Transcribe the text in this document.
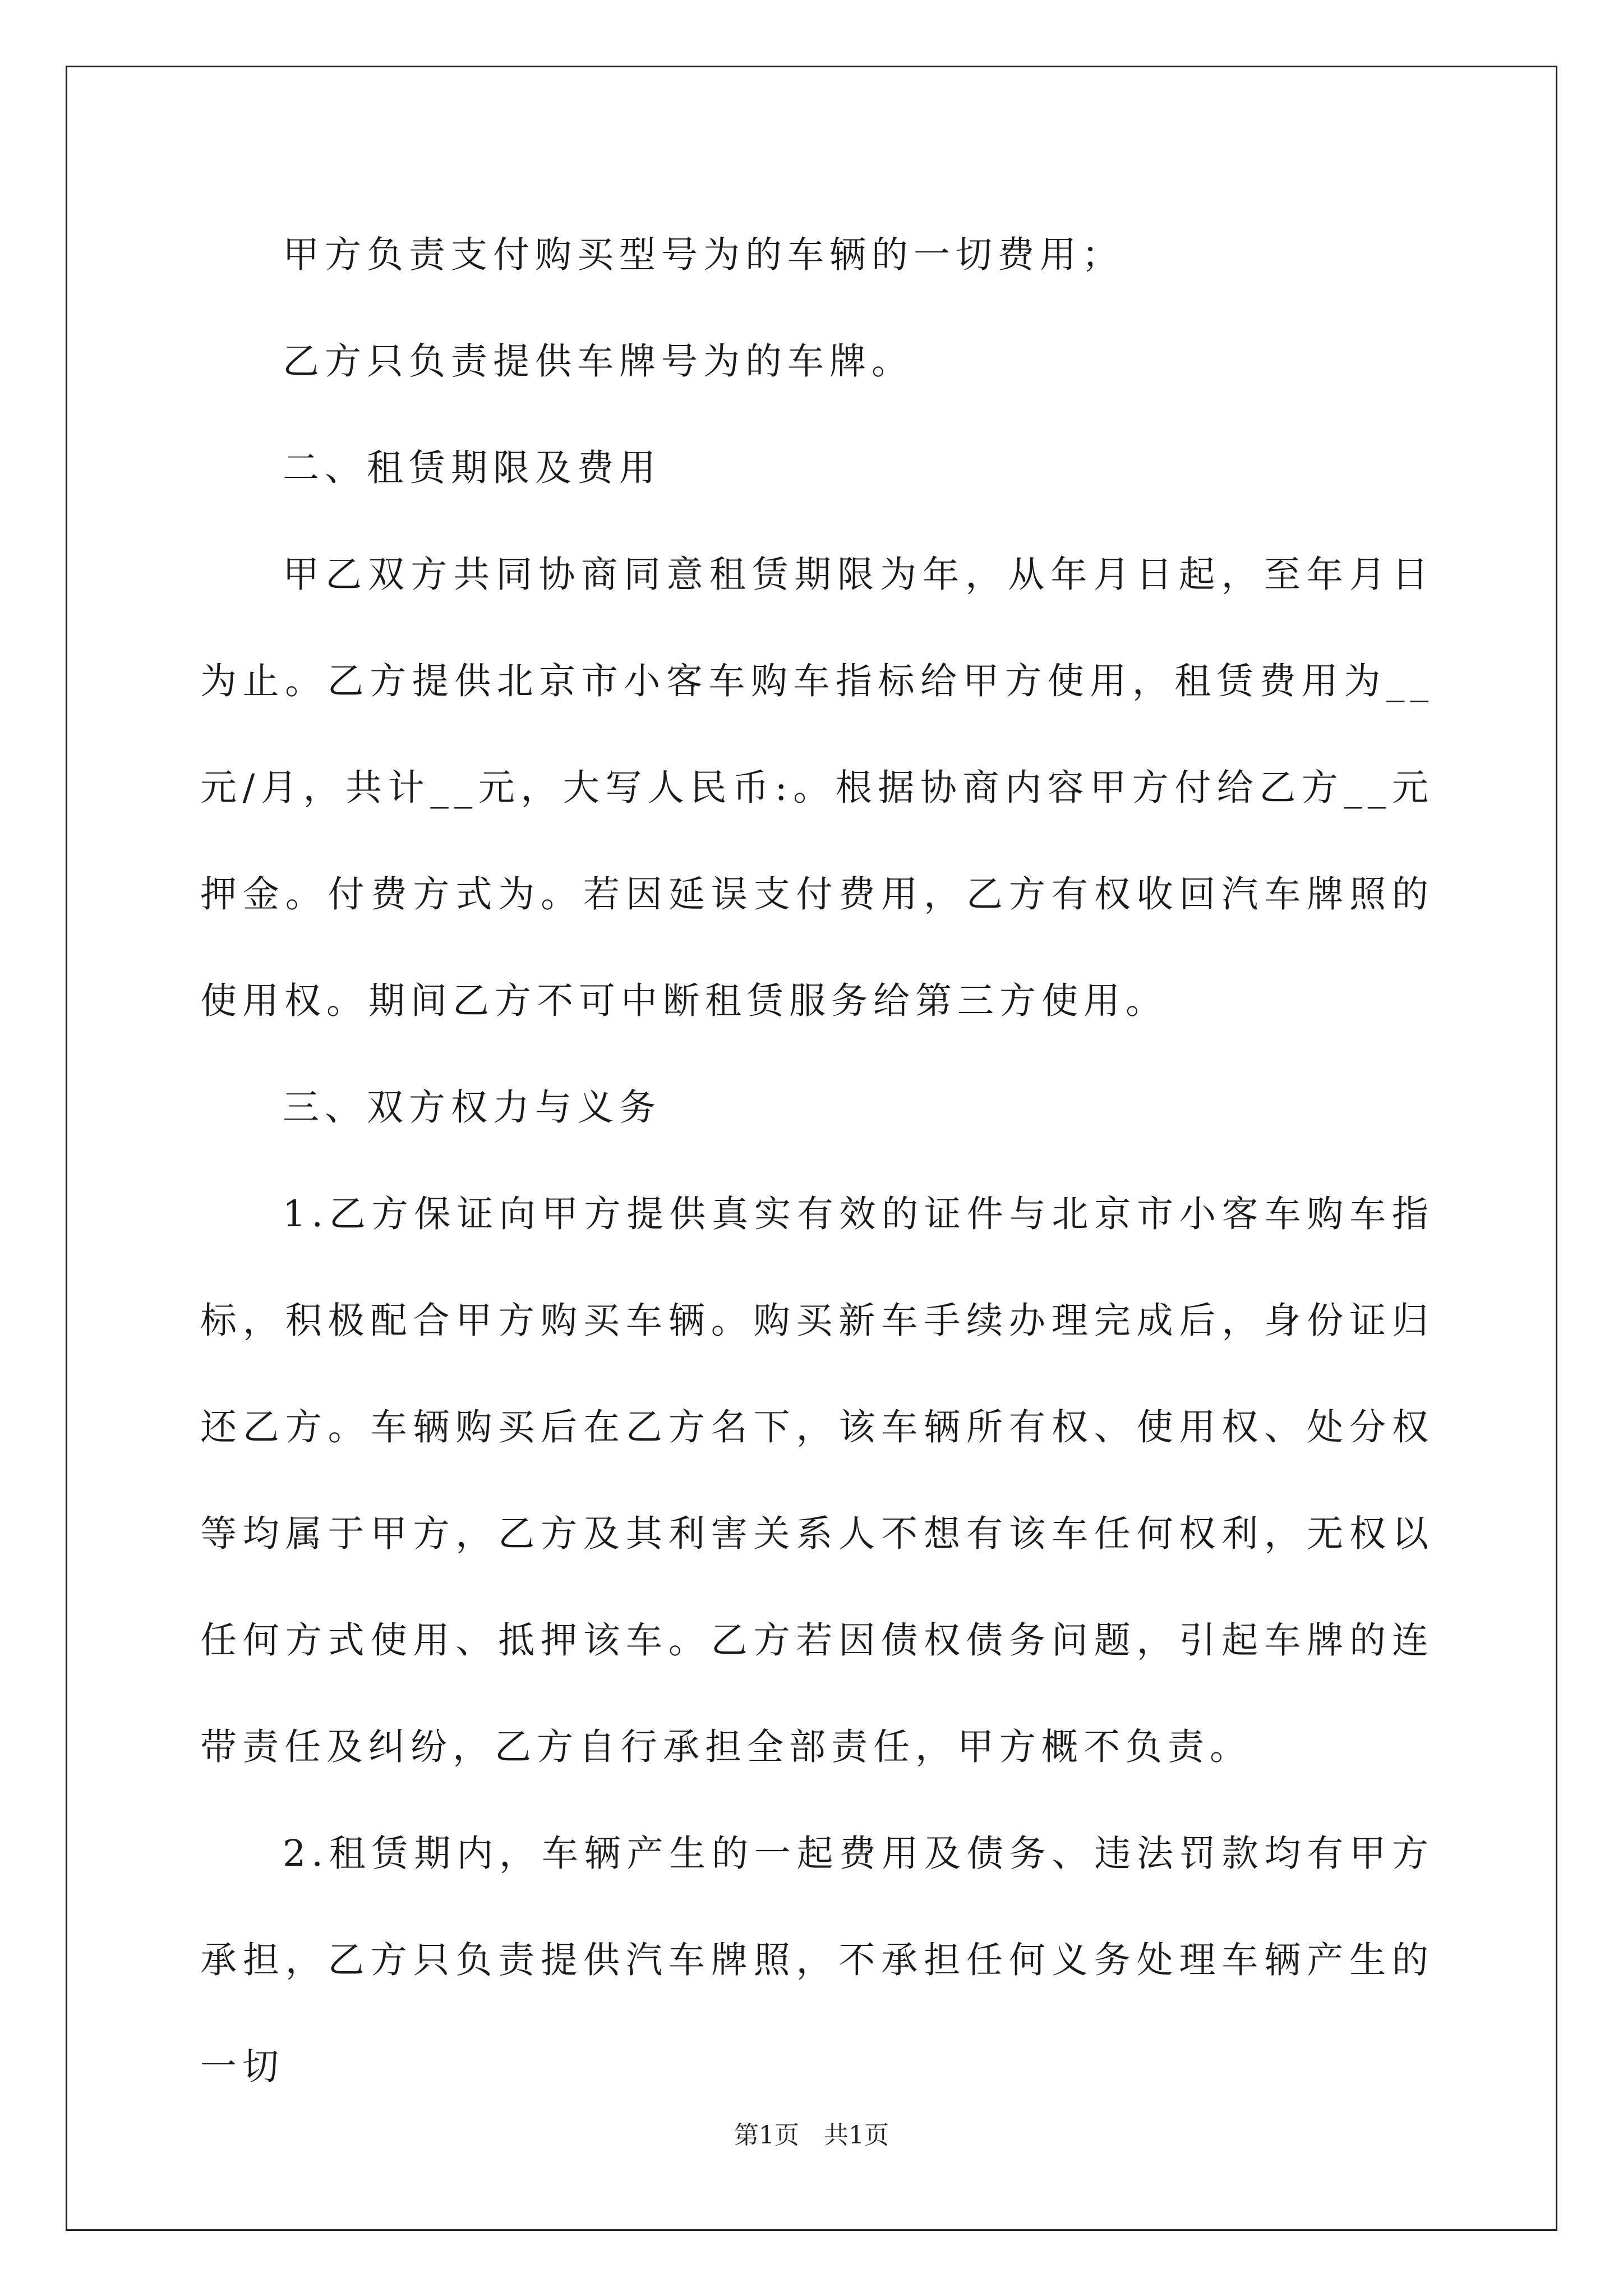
甲方负责支付购买型号为的车辆的一切费用；

乙方只负责提供车牌号为的车牌。

二、租赁期限及费用

甲乙双方共同协商同意租赁期限为年，从年月日起，至年月日为止。乙方提供北京市小客车购车指标给甲方使用，租赁费用为__元/月，共计__元，大写人民币:。根据协商内容甲方付给乙方__元押金。付费方式为。若因延误支付费用，乙方有权收回汽车牌照的使用权。期间乙方不可中断租赁服务给第三方使用。

三、双方权力与义务

1.乙方保证向甲方提供真实有效的证件与北京市小客车购车指标，积极配合甲方购买车辆。购买新车手续办理完成后，身份证归还乙方。车辆购买后在乙方名下，该车辆所有权、使用权、处分权等均属于甲方，乙方及其利害关系人不想有该车任何权利，无权以任何方式使用、抵押该车。乙方若因债权债务问题，引起车牌的连带责任及纠纷，乙方自行承担全部责任，甲方概不负责。

2.租赁期内，车辆产生的一起费用及债务、违法罚款均有甲方承担，乙方只负责提供汽车牌照，不承担任何义务处理车辆产生的一切

第1页　共1页
